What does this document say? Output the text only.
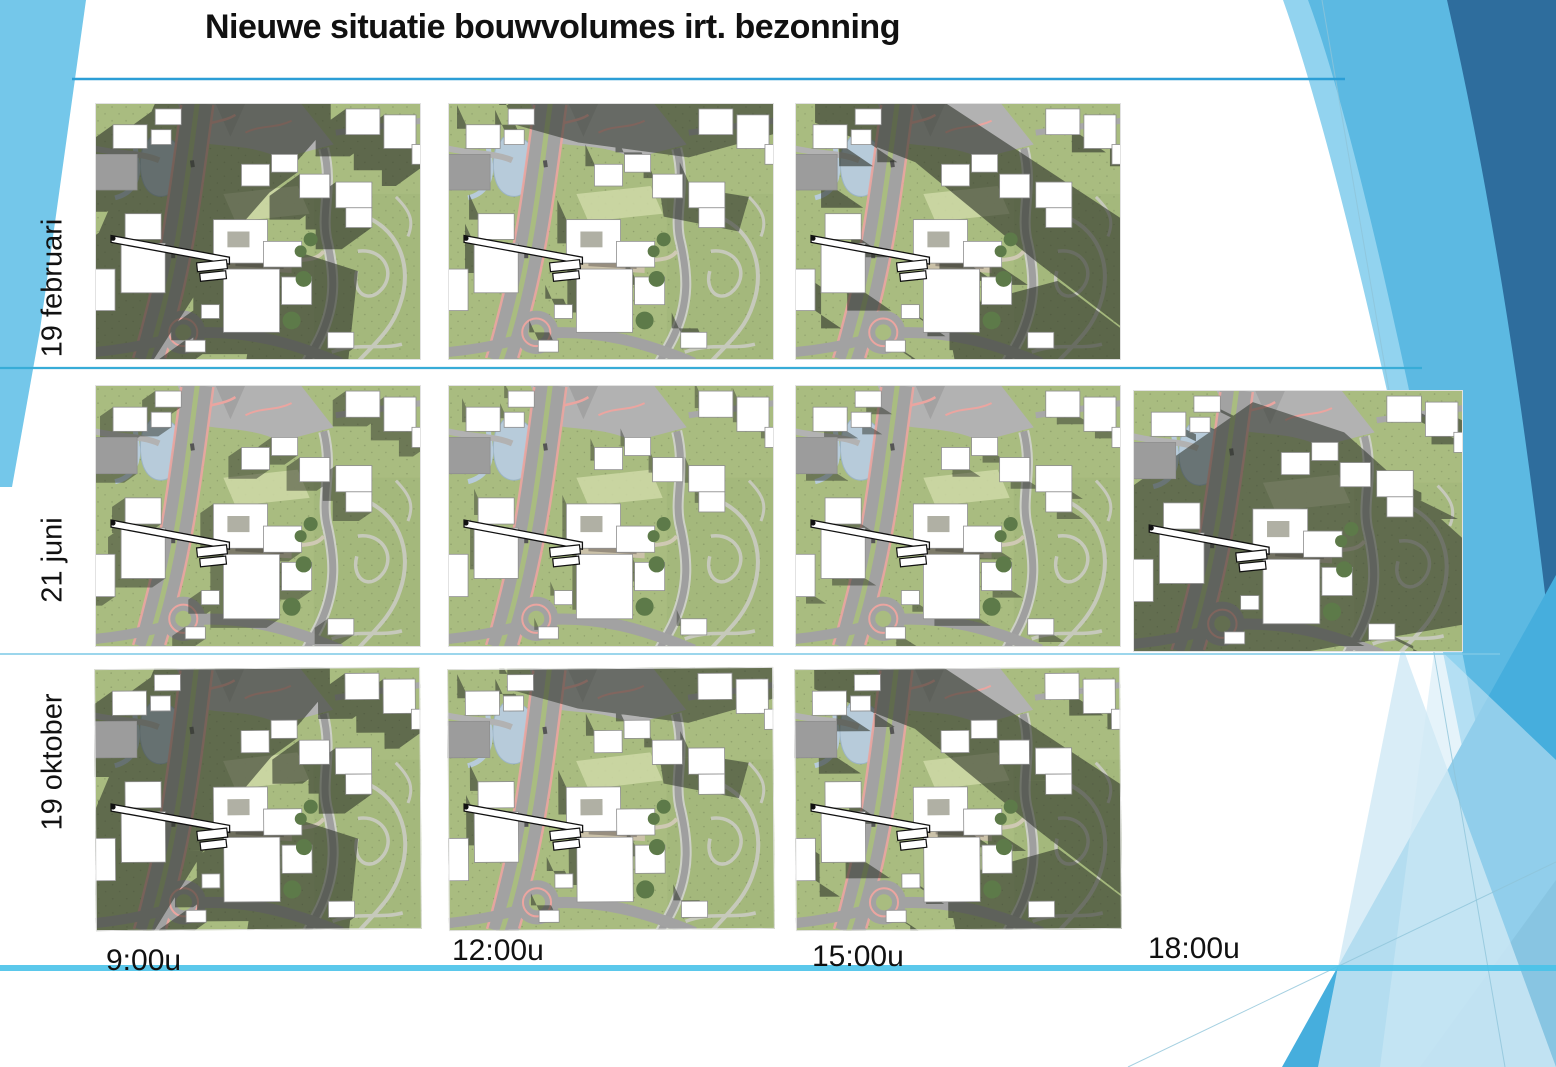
Nieuwe situatie bouwvolumes irt. bezonning
19 februari
21 juni
19 oktober
9:00u	12:00u	15:00u	18:00u
